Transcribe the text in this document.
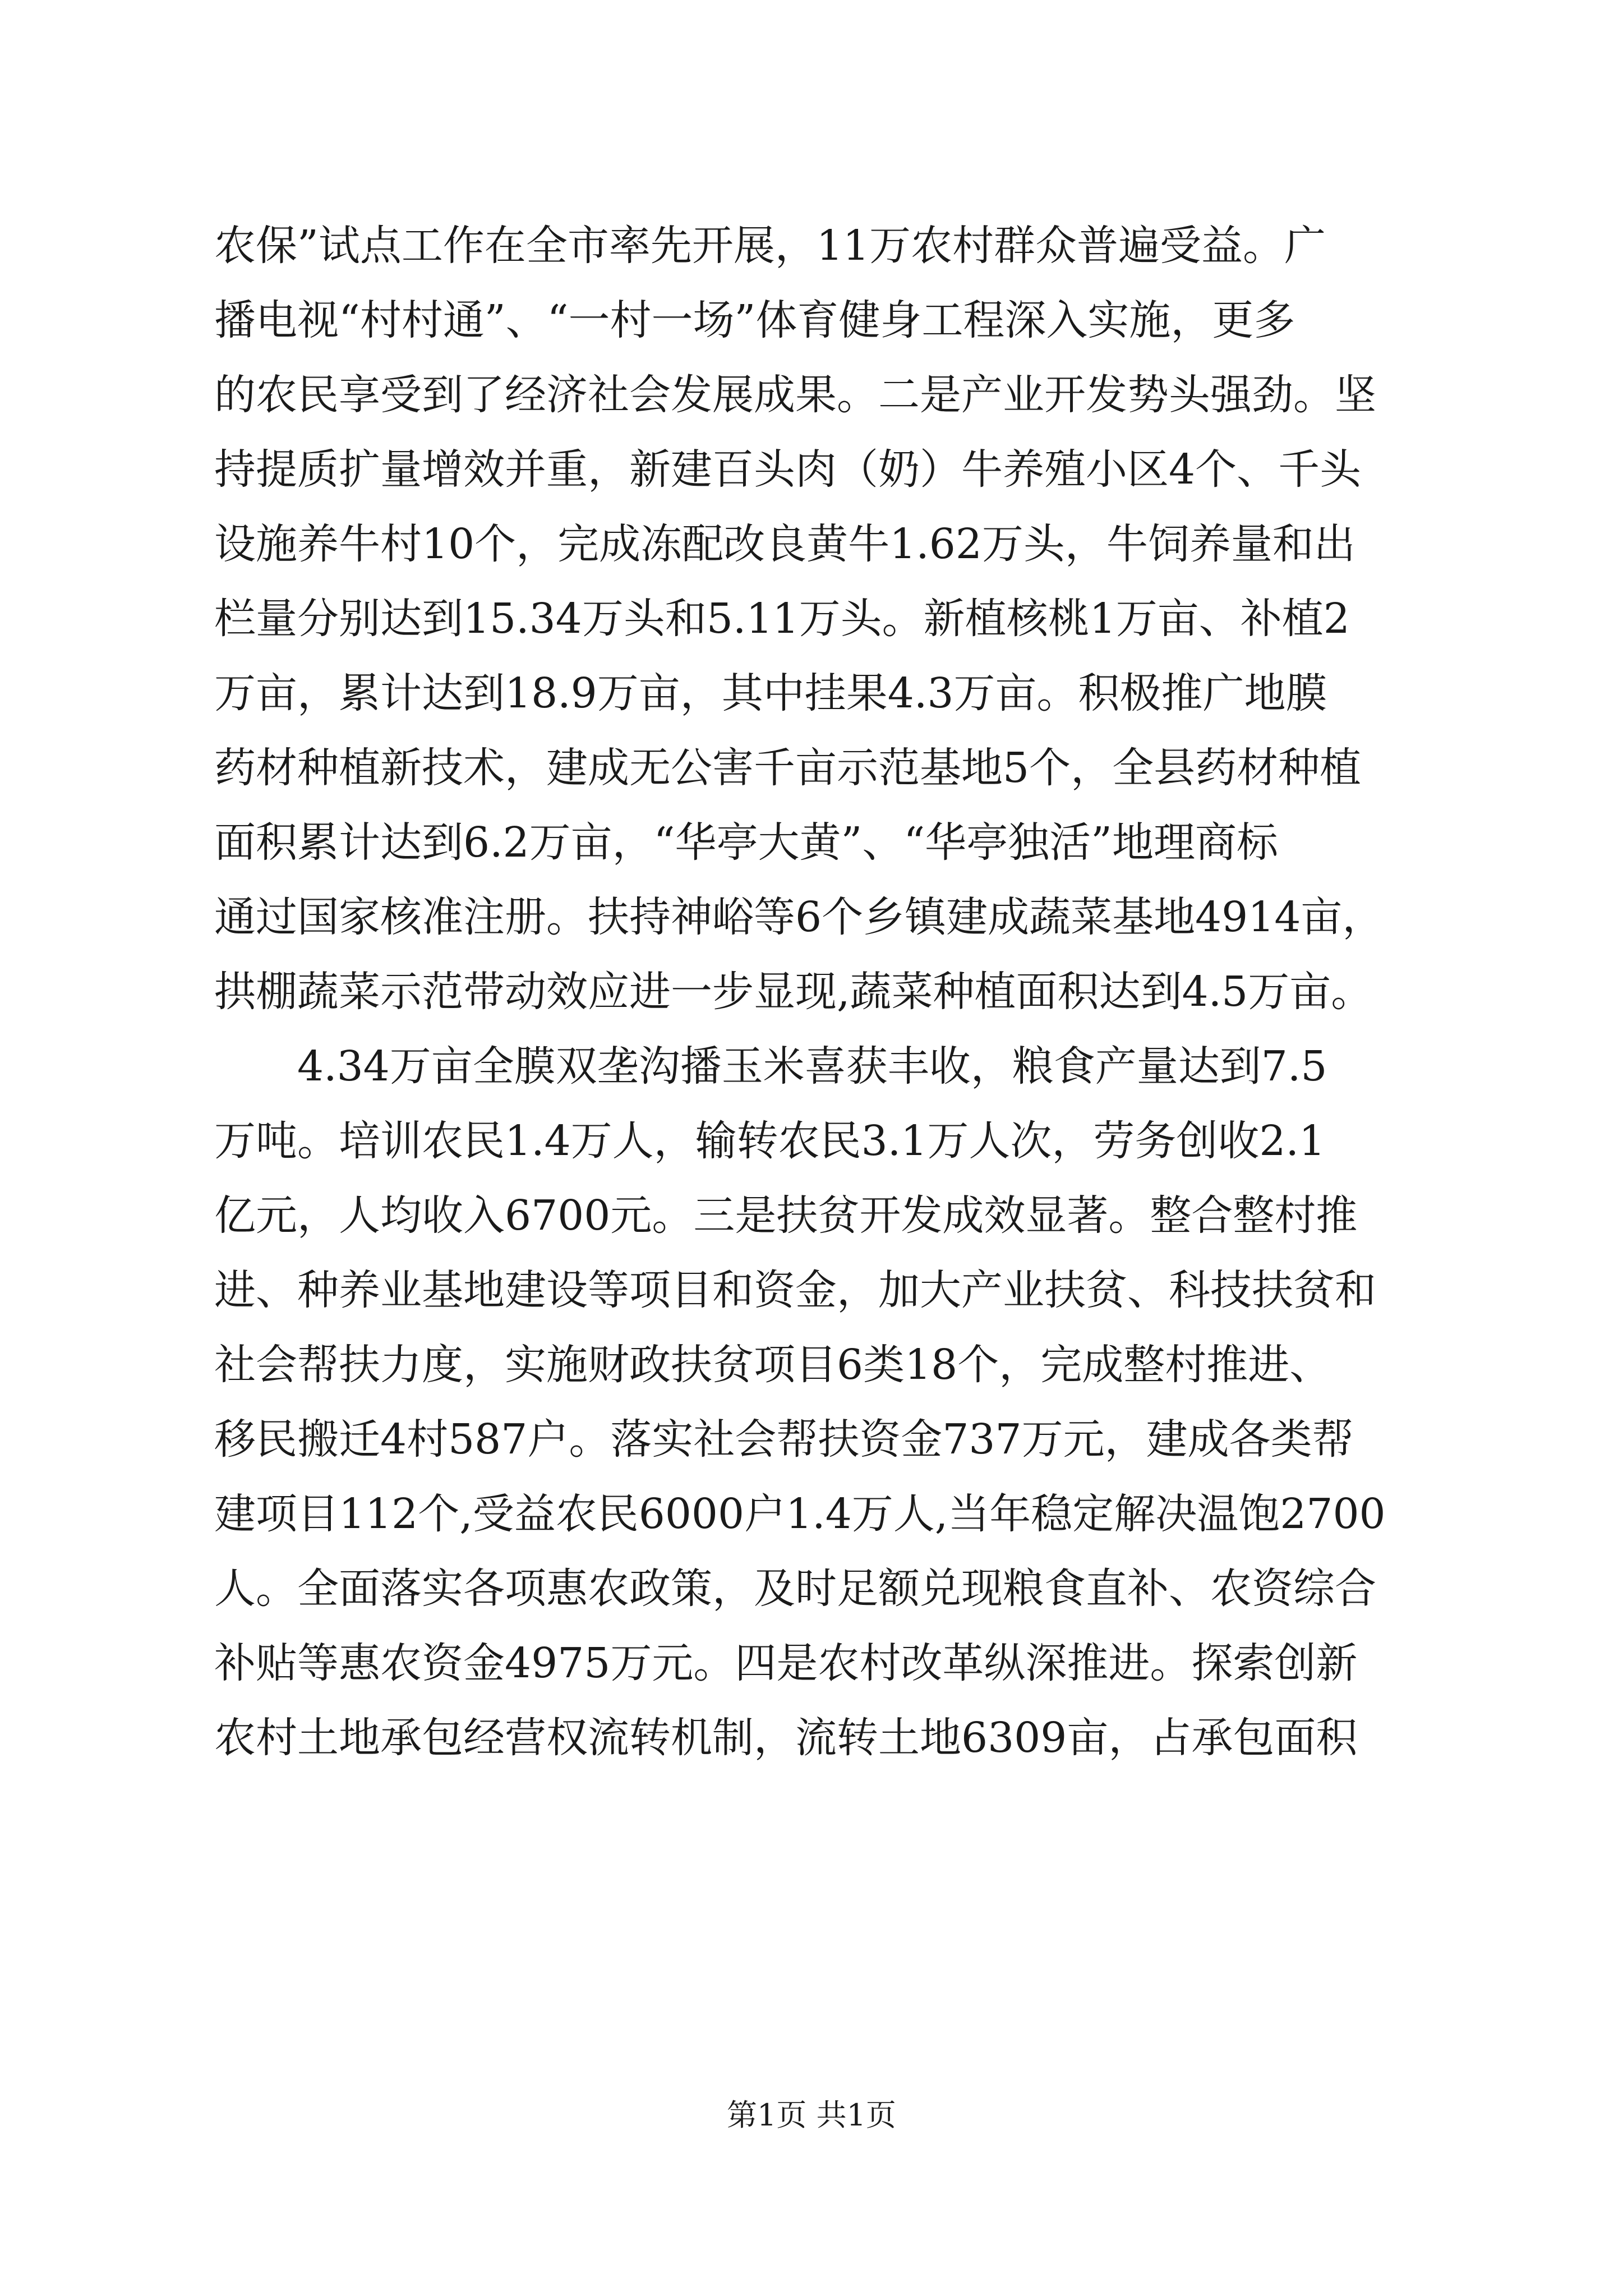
农保”试点工作在全市率先开展，11万农村群众普遍受益。广
播电视“村村通”、“一村一场”体育健身工程深入实施，更多
的农民享受到了经济社会发展成果。二是产业开发势头强劲。坚
持提质扩量增效并重，新建百头肉（奶）牛养殖小区4个、千头
设施养牛村10个，完成冻配改良黄牛1.62万头，牛饲养量和出
栏量分别达到15.34万头和5.11万头。新植核桃1万亩、补植2
万亩，累计达到18.9万亩，其中挂果4.3万亩。积极推广地膜
药材种植新技术，建成无公害千亩示范基地5个，全县药材种植
面积累计达到6.2万亩，“华亭大黄”、“华亭独活”地理商标
通过国家核准注册。扶持神峪等6个乡镇建成蔬菜基地4914亩，
拱棚蔬菜示范带动效应进一步显现,蔬菜种植面积达到4.5万亩。
4.34万亩全膜双垄沟播玉米喜获丰收，粮食产量达到7.5
万吨。培训农民1.4万人，输转农民3.1万人次，劳务创收2.1
亿元，人均收入6700元。三是扶贫开发成效显著。整合整村推
进、种养业基地建设等项目和资金，加大产业扶贫、科技扶贫和
社会帮扶力度，实施财政扶贫项目6类18个，完成整村推进、
移民搬迁4村587户。落实社会帮扶资金737万元，建成各类帮
建项目112个,受益农民6000户1.4万人,当年稳定解决温饱2700
人。全面落实各项惠农政策，及时足额兑现粮食直补、农资综合
补贴等惠农资金4975万元。四是农村改革纵深推进。探索创新
农村土地承包经营权流转机制，流转土地6309亩，占承包面积
第1页 共1页
